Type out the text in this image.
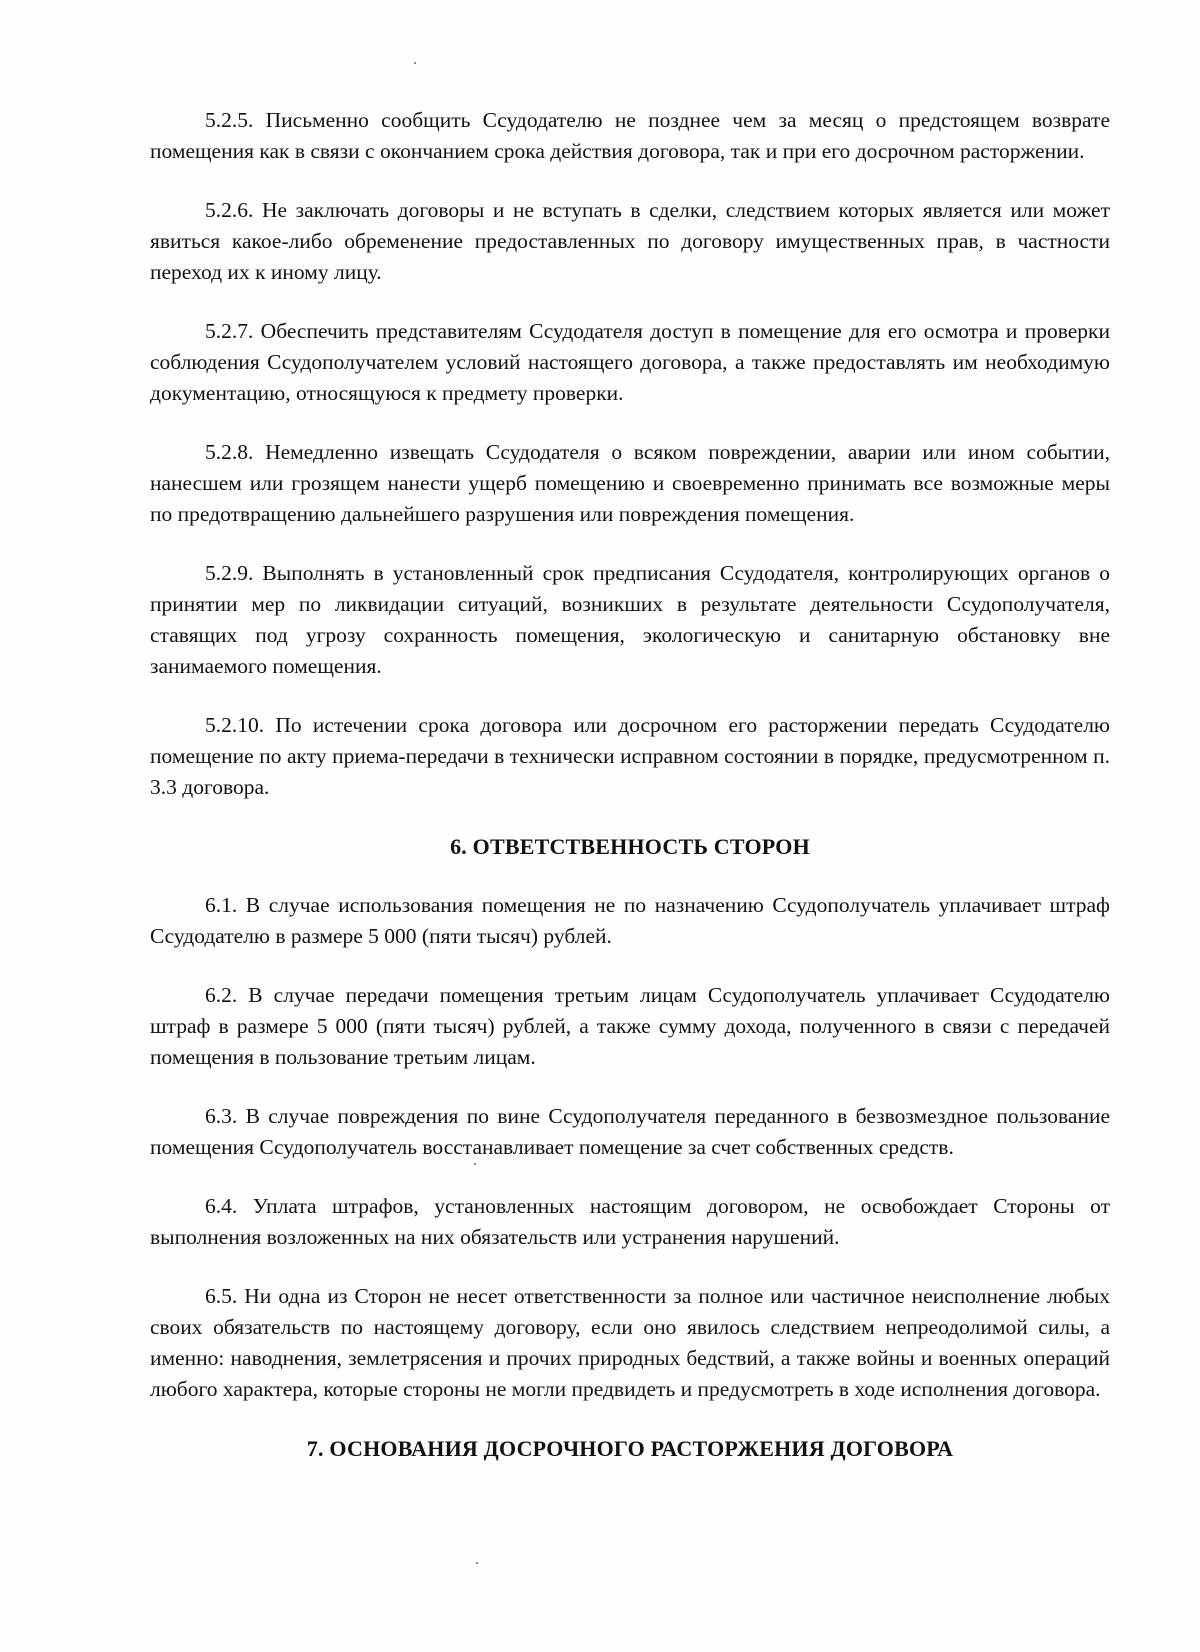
5.2.5. Письменно сообщить Ссудодателю не позднее чем за месяц о предстоящем возврате помещения как в связи с окончанием срока действия договора, так и при его досрочном расторжении.

5.2.6. Не заключать договоры и не вступать в сделки, следствием которых является или может явиться какое-либо обременение предоставленных по договору имущественных прав, в частности переход их к иному лицу.

5.2.7. Обеспечить представителям Ссудодателя доступ в помещение для его осмотра и проверки соблюдения Ссудополучателем условий настоящего договора, а также предоставлять им необходимую документацию, относящуюся к предмету проверки.

5.2.8. Немедленно извещать Ссудодателя о всяком повреждении, аварии или ином событии, нанесшем или грозящем нанести ущерб помещению и своевременно принимать все возможные меры по предотвращению дальнейшего разрушения или повреждения помещения.

5.2.9. Выполнять в установленный срок предписания Ссудодателя, контролирующих органов о принятии мер по ликвидации ситуаций, возникших в результате деятельности Ссудополучателя, ставящих под угрозу сохранность помещения, экологическую и санитарную обстановку вне занимаемого помещения.

5.2.10. По истечении срока договора или досрочном его расторжении передать Ссудодателю помещение по акту приема-передачи в технически исправном состоянии в порядке, предусмотренном п. 3.3 договора.

6. ОТВЕТСТВЕННОСТЬ СТОРОН

6.1. В случае использования помещения не по назначению Ссудополучатель уплачивает штраф Ссудодателю в размере 5 000 (пяти тысяч) рублей.

6.2. В случае передачи помещения третьим лицам Ссудополучатель уплачивает Ссудодателю штраф в размере 5 000 (пяти тысяч) рублей, а также сумму дохода, полученного в связи с передачей помещения в пользование третьим лицам.

6.3. В случае повреждения по вине Ссудополучателя переданного в безвозмездное пользование помещения Ссудополучатель восстанавливает помещение за счет собственных средств.

6.4. Уплата штрафов, установленных настоящим договором, не освобождает Стороны от выполнения возложенных на них обязательств или устранения нарушений.

6.5. Ни одна из Сторон не несет ответственности за полное или частичное неисполнение любых своих обязательств по настоящему договору, если оно явилось следствием непреодолимой силы, а именно: наводнения, землетрясения и прочих природных бедствий, а также войны и военных операций любого характера, которые стороны не могли предвидеть и предусмотреть в ходе исполнения договора.

7. ОСНОВАНИЯ ДОСРОЧНОГО РАСТОРЖЕНИЯ ДОГОВОРА
